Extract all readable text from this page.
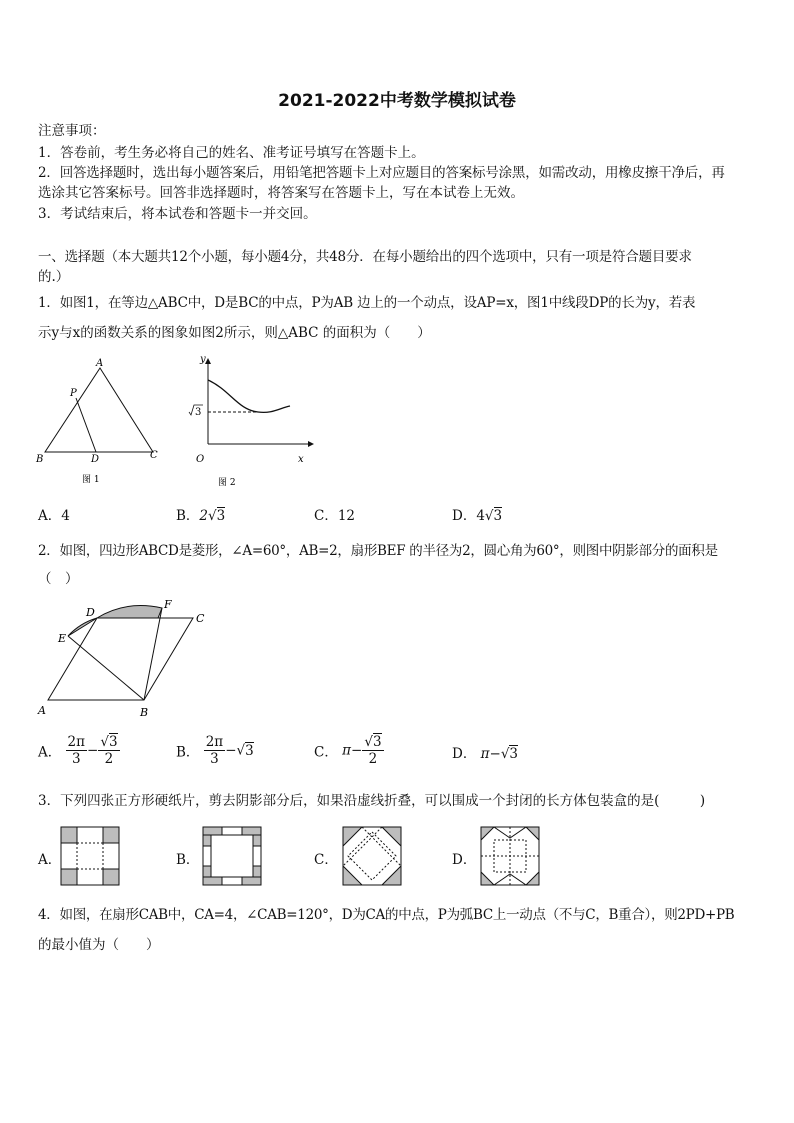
2021-2022中考数学模拟试卷
注意事项：
1．答卷前，考生务必将自己的姓名、准考证号填写在答题卡上。
2．回答选择题时，选出每小题答案后，用铅笔把答题卡上对应题目的答案标号涂黑，如需改动，用橡皮擦干净后，再
选涂其它答案标号。回答非选择题时，将答案写在答题卡上，写在本试卷上无效。
3．考试结束后，将本试卷和答题卡一并交回。
一、选择题（本大题共12个小题，每小题4分，共48分．在每小题给出的四个选项中，只有一项是符合题目要求
的.）
1．如图1，在等边△ABC中，D是BC的中点，P为AB 边上的一个动点，设AP=x，图1中线段DP的长为y，若表
示y与x的函数关系的图象如图2所示，则△ABC 的面积为（　　）
A
P
B	D	C
图 1
y
3
O	x
图 2
A．4	B．2√3	C．12	D．4√3
2．如图，四边形ABCD是菱形，∠A=60°，AB=2，扇形BEF 的半径为2，圆心角为60°，则图中阴影部分的面积是
（　）
D
F
C
E
A	B
A． $\frac{2\pi}{3} - \frac{√3}{2}$	B． $\frac{2\pi}{3} -√3$	C． $\pi- \frac{√3}{2}$	D． π−√3
3．下列四张正方形硬纸片，剪去阴影部分后，如果沿虚线折叠，可以围成一个封闭的长方体包装盒的是(　　　)
A．	B．	C．	D．
4．如图，在扇形CAB中，CA=4，∠CAB=120°，D为CA的中点，P为弧BC上一动点（不与C，B重合），则2PD+PB
的最小值为（　　）
